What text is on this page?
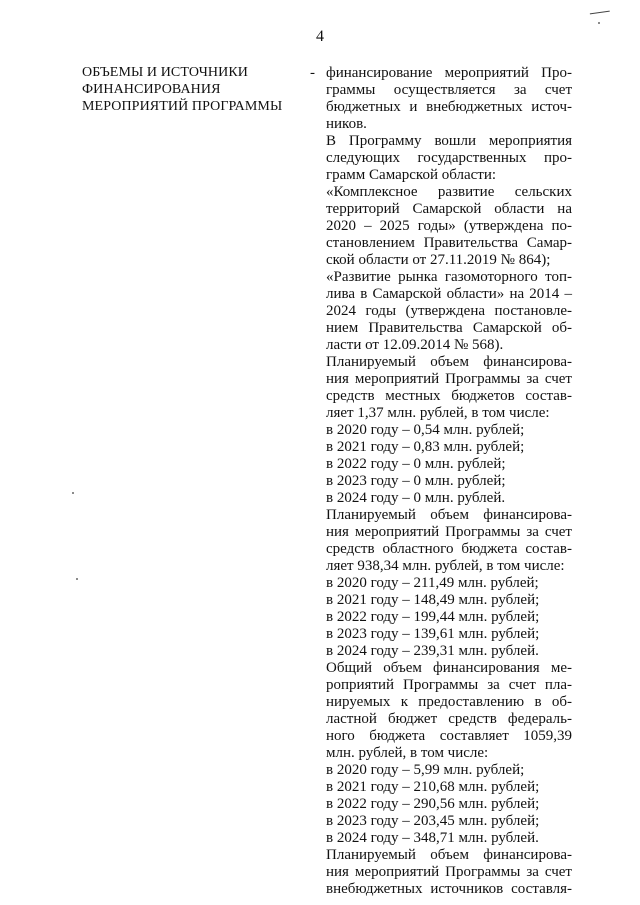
4
ОБЪЕМЫ И ИСТОЧНИКИ
ФИНАНСИРОВАНИЯ
МЕРОПРИЯТИЙ ПРОГРАММЫ
- финансирование мероприятий Про-
граммы осуществляется за счет
бюджетных и внебюджетных источ-
ников.
В Программу вошли мероприятия
следующих государственных про-
грамм Самарской области:
«Комплексное развитие сельских
территорий Самарской области на
2020 – 2025 годы» (утверждена по-
становлением Правительства Самар-
ской области от 27.11.2019 № 864);
«Развитие рынка газомоторного топ-
лива в Самарской области» на 2014 –
2024 годы (утверждена постановле-
нием Правительства Самарской об-
ласти от 12.09.2014 № 568).
Планируемый объем финансирова-
ния мероприятий Программы за счет
средств местных бюджетов состав-
ляет 1,37 млн. рублей, в том числе:
в 2020 году – 0,54 млн. рублей;
в 2021 году – 0,83 млн. рублей;
в 2022 году – 0 млн. рублей;
в 2023 году – 0 млн. рублей;
в 2024 году – 0 млн. рублей.
Планируемый объем финансирова-
ния мероприятий Программы за счет
средств областного бюджета состав-
ляет 938,34 млн. рублей, в том числе:
в 2020 году – 211,49 млн. рублей;
в 2021 году – 148,49 млн. рублей;
в 2022 году – 199,44 млн. рублей;
в 2023 году – 139,61 млн. рублей;
в 2024 году – 239,31 млн. рублей.
Общий объем финансирования ме-
роприятий Программы за счет пла-
нируемых к предоставлению в об-
ластной бюджет средств федераль-
ного бюджета составляет 1059,39
млн. рублей, в том числе:
в 2020 году – 5,99 млн. рублей;
в 2021 году – 210,68 млн. рублей;
в 2022 году – 290,56 млн. рублей;
в 2023 году – 203,45 млн. рублей;
в 2024 году – 348,71 млн. рублей.
Планируемый объем финансирова-
ния мероприятий Программы за счет
внебюджетных источников составля-
